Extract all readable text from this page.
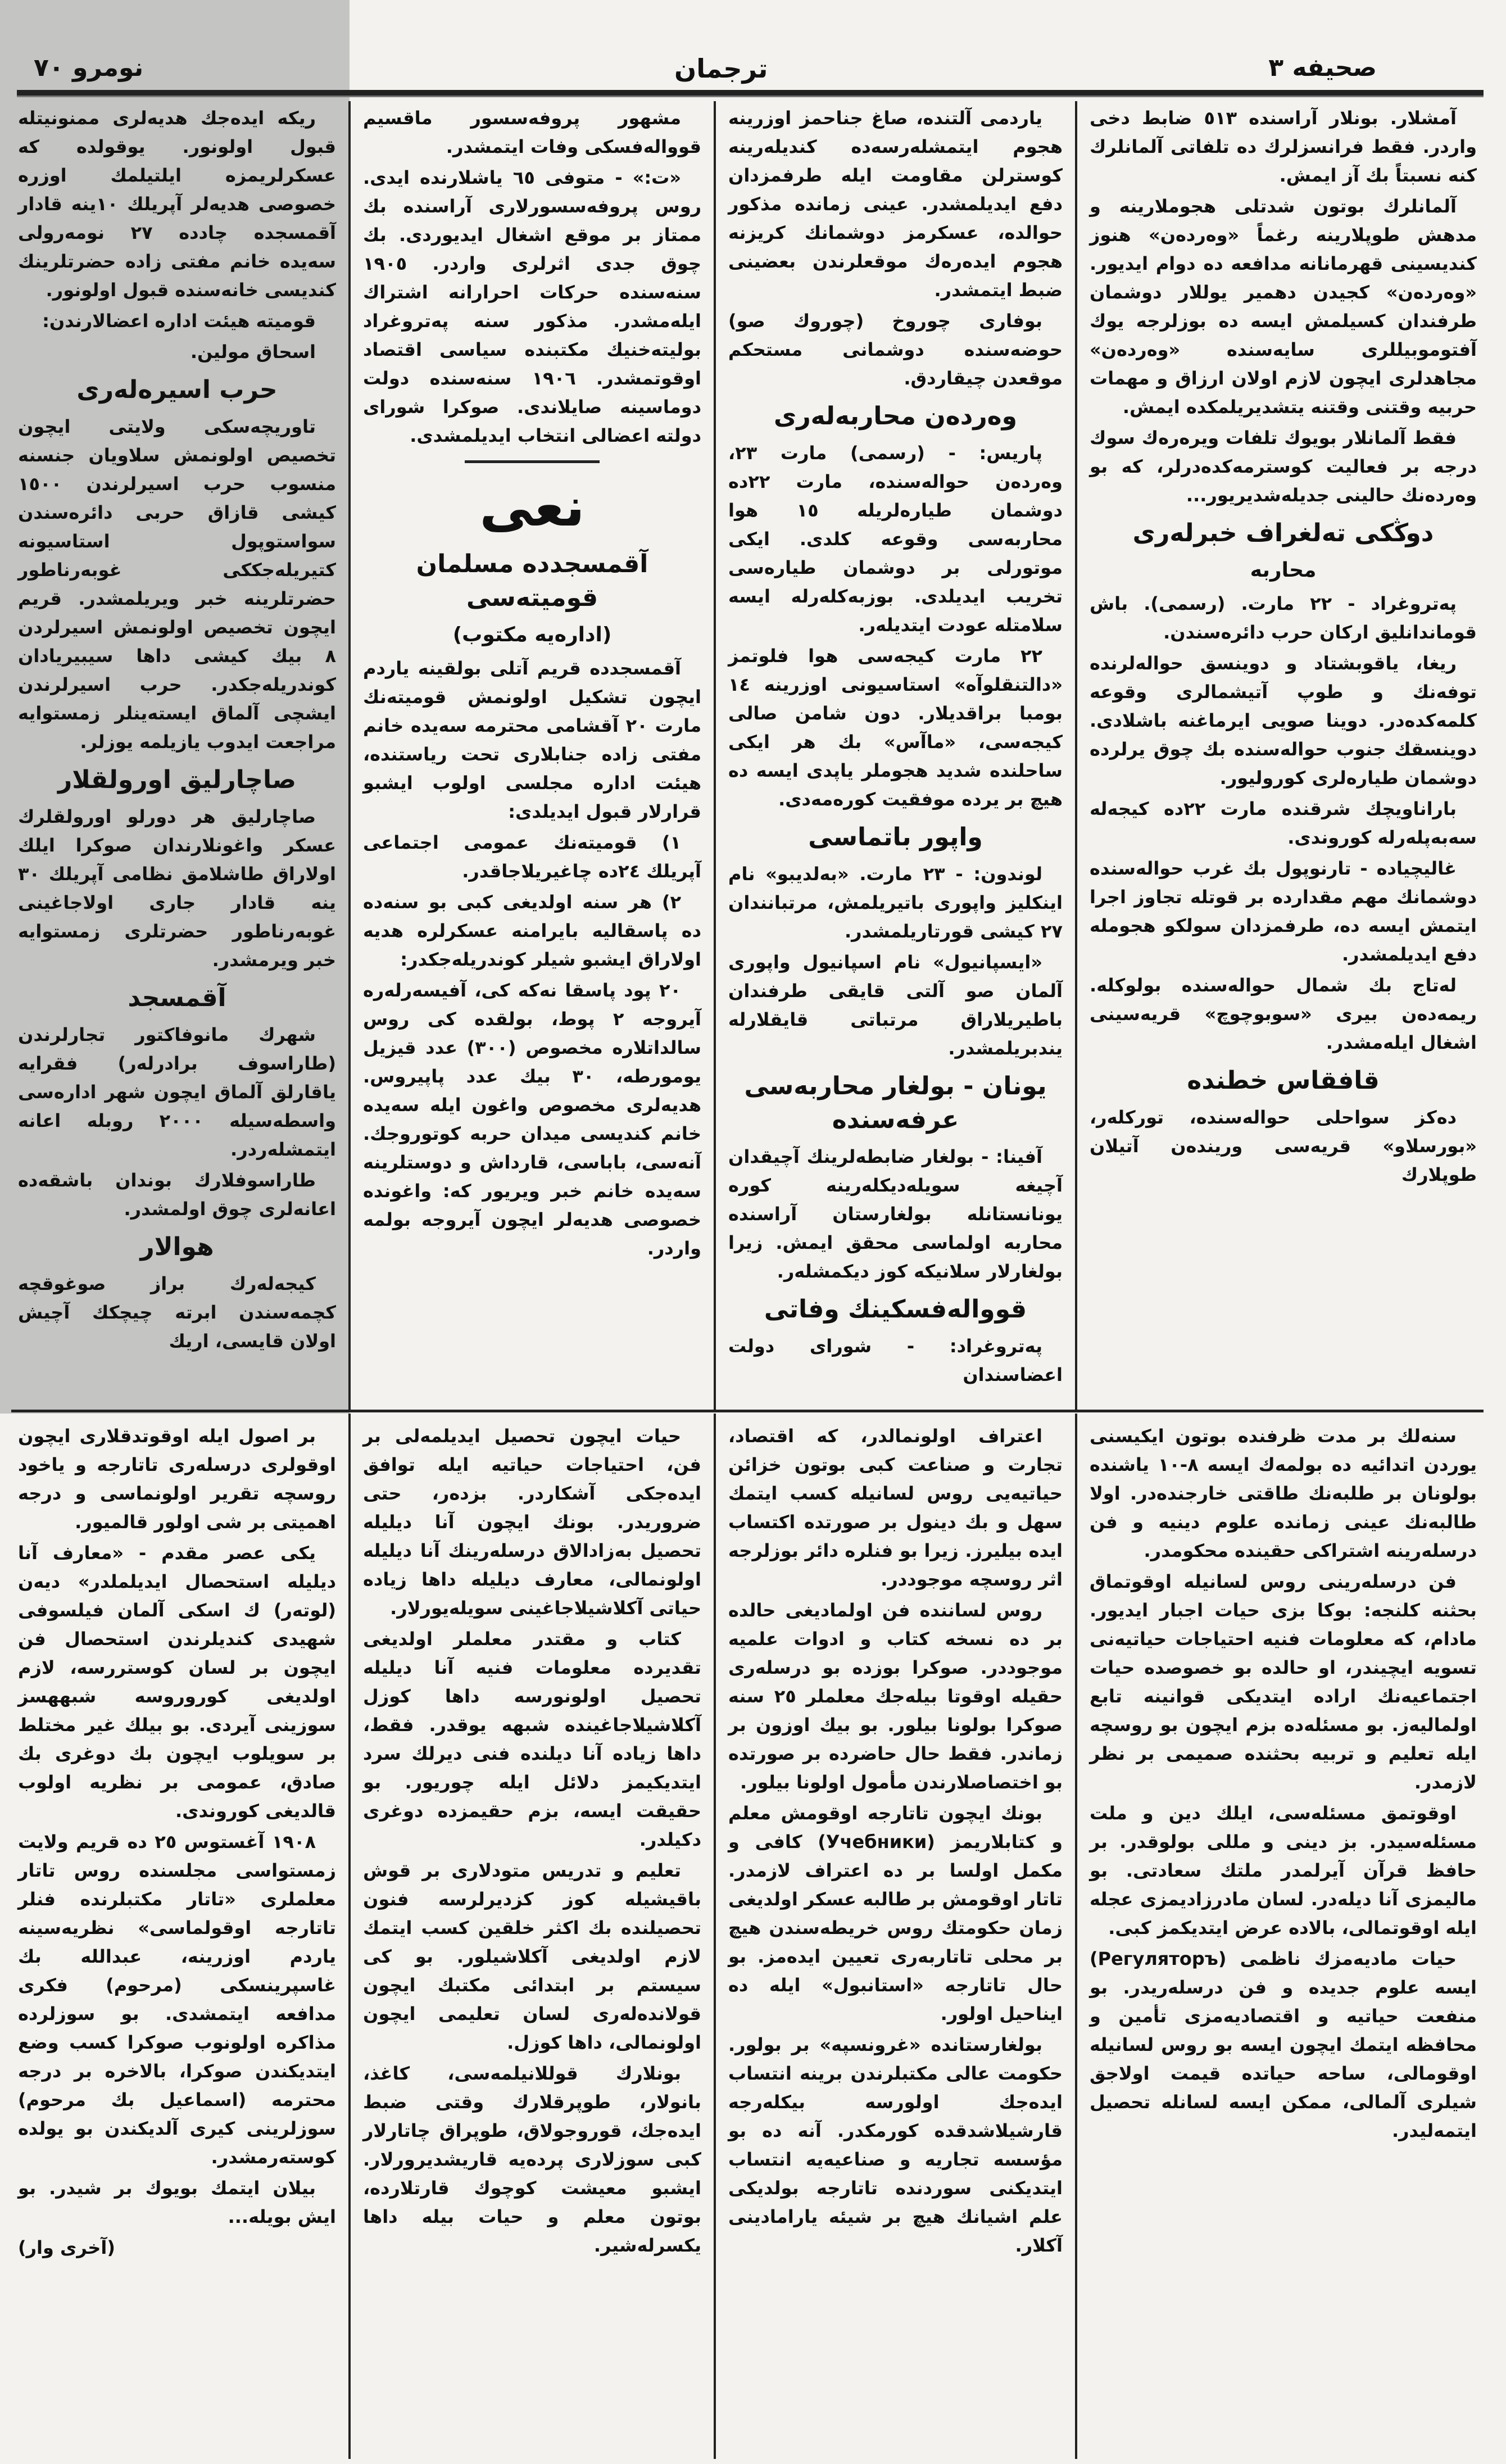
صحيفه ٣
ترجمان
نومرو ٧٠

آمشلار. بونلار آراسنده ٥١٣ ضابط دخى واردر. فقط فرانسزلرك ده تلفاتى آلمانلرك كنه نسبتاً بك آز ايمش.

آلمانلرك بوتون شدتلى هجوملارينه و مدهش طوپلارينه رغماً «وەردەن» هنوز كنديسينى قهرمانانه مدافعه ده دوام ايديور. «وەردەن» كجيدن دهمير يوللار دوشمان طرفندان كسيلمش ايسه ده بوزلرجه يوك آفتوموبيللرى سايەسنده «وەردەن» مجاهدلرى ايچون لازم اولان ارزاق و مهمات حربيه وقتنى وقتنه يتشديريلمكده ايمش.

فقط آلمانلار بويوك تلفات ويرەرەك سوك درجه بر فعاليت كوسترمەكدەدرلر، كه بو وەردەنك حالينى جديلەشديريور...

دوڭكى تەلغراف خبرلەرى
محاربه

پەتروغراد - ٢٢ مارت. (رسمى). باش قوماندانليق اركان حرب دائرەسندن.

ريغا، ياقوبشتاد و دوينسق حوالەلرنده توفەنك و طوپ آتيشمالرى وقوعه كلمەكدەدر. دوينا صويى ايرماغنه باشلادى. دوينسقك جنوب حوالەسنده بك چوق يرلرده دوشمان طيارەلرى كوروليور.

باراناويچك شرقنده مارت ٢٢ده كيجەلە سەبەپلەرله كوروندى.

غاليچياده - تارنوپول بك غرب حوالەسنده دوشمانك مهم مقدارده بر قوتله تجاوز اجرا ايتمش ايسه ده، طرفمزدان سولكو هجومله دفع ايديلمشدر.

لەتاج بك شمال حوالەسنده بولوكلە. ريمەدەن بيرى «سوبوچوچ» قريەسينى اشغال ايلەمشدر.

قافقاس خطنده

دەكز سواحلى حوالەسنده، توركلەر، «بورسلاو» قريەسى وريندەن آتيلان طوپلارك

ياردمى آلتنده، صاغ جناحمز اوزرينه هجوم ايتمشلەرسەده كنديلەرينه كوسترلن مقاومت ايله طرفمزدان دفع ايديلمشدر. عينى زمانده مذكور حوالده، عسكرمز دوشمانك كريزنه هجوم ايدەرەك موقعلرندن بعضينى ضبط ايتمشدر.

بوفارى چوروخ (چوروك صو) حوضەسنده دوشمانى مستحكم موقعدن چيقاردق.

وەردەن محاربەلەرى

پاريس: - (رسمى) مارت ٢٣، وەردەن حوالەسنده، مارت ٢٢ده دوشمان طيارەلريله ١٥ هوا محاربەسى وقوعه كلدى. ايكى موتورلى بر دوشمان طيارەسى تخريب ايديلدى. بوزبەكلەرله ايسه سلامتله عودت ايتديلەر.

٢٢ مارت كيجەسى هوا فلوتمز «دالتنقلوآه» استاسيونى اوزرينه ١٤ بومبا براقديلار. دون شامن صالى كيجەسى، «ماآس» بك هر ايكى ساحلنده شديد هجوملر ياپدى ايسه ده هيچ بر يرده موفقيت كورەمەدى.

واپور باتماسى

لوندون: - ٢٣ مارت. «بەلديبو» نام اينكليز واپورى باتيريلمش، مرتبانندان ٢٧ كيشى قورتاريلمشدر.

«ايسپانيول» نام اسپانيول واپورى آلمان صو آلتى قايقى طرفندان باطيريلاراق مرتباتى قايقلارله يندبريلمشدر.

يونان - بولغار محاربەسى عرفەسندە

آفينا: - بولغار ضابطەلرينك آچيقدان آچيغه سويلەديكلەرينه كوره يونانستانله بولغارستان آراسنده محاربه اولماسى محقق ايمش. زيرا بولغارلار سلانيكه كوز ديكمشلەر.

قووالەفسكينك وفاتى

پەتروغراد: - شوراى دولت اعضاسندان

مشهور پروفەسسور ماقسيم قووالەفسكى وفات ايتمشدر.

«ت:» - متوفى ٦٥ ياشلارنده ايدى. روس پروفەسسورلارى آراسنده بك ممتاز بر موقع اشغال ايديوردى. بك چوق جدى اثرلرى واردر. ١٩٠٥ سنەسنده حركات احرارانه اشتراك ايلەمشدر. مذكور سنه پەتروغراد بوليتەخنيك مكتبنده سياسى اقتصاد اوقوتمشدر. ١٩٠٦ سنەسنده دولت دوماسينه صايلاندى. صوكرا شوراى دولته اعضالى انتخاب ايديلمشدى.

نعى
آقمسجدده مسلمان قوميتەسى
(ادارەيە مكتوب)

آقمسجدده قريم آتلى بولقينه ياردم ايچون تشكيل اولونمش قوميتەنك مارت ٢٠ آقشامى محترمه سەيدە خانم مفتى زاده جنابلارى تحت رياستنده، هيئت ادارە مجلسى اولوب ايشبو قرارلار قبول ايديلدى:

١) قوميتەنك عمومى اجتماعى آپريلك ٢٤ده چاغيريلاجاقدر.

٢) هر سنه اولديغى كبى بو سنەده ده پاسقاليه بايرامنه عسكرلرە هديه اولاراق ايشبو شيلر كوندريلەجكدر:

٢٠ پود پاسقا نەكە كى، آفيسەرلەرە آيروجه ٢ پوط، بولقدە كى روس سالداتلارە مخصوص (٣٠٠) عدد قيزيل يومورطه، ٣٠ بيك عدد پاپيروس. هديەلرى مخصوص واغون ايله سەيدە خانم كنديسى ميدان حربە كوتوروجك. آنەسى، باباسى، قارداش و دوستلرينه سەيدە خانم خبر ويريور كه: واغوندە خصوصى هديەلر ايچون آيروجه بولمه واردر.

ريكه ايدەجك هديەلرى ممنونيتله قبول اولونور. يوقولده كه عسكرلريمزه ايلتيلمك اوزره خصوصى هديەلر آپريلك ١٠ينه قادار آقمسجده چادده ٢٧ نومەرولى سەيدە خانم مفتى زاده حضرتلرينك كنديسى خانەسنده قبول اولونور.

قوميته هيئت ادارە اعضالارندن:

اسحاق مولين.

حرب اسيرەلەرى

تاوريچەسكى ولايتى ايچون تخصيص اولونمش سلاويان جنسنه منسوب حرب اسيرلرندن ١٥٠٠ كيشى قازاق حربى دائرەسندن سواستوپول استاسيونه كتيريلەجككى غوبەرناطور حضرتلرينه خبر ويريلمشدر. قريم ايچون تخصيص اولونمش اسيرلردن ٨ بيك كيشى داها سيبيريادان كوندريلەجكدر. حرب اسيرلرندن ايشچى آلماق ايستەينلر زمستوايه مراجعت ايدوب يازيلمه يوزلر.

صاچارليق اورولقلار

صاچارليق هر دورلو اورولقلرك عسكر واغونلارندان صوكرا ايلك اولاراق طاشلامق نظامى آپريلك ٣٠ ينه قادار جارى اولاجاغينى غوبەرناطور حضرتلرى زمستوايه خبر ويرمشدر.

آقمسجد

شهرك مانوفاكتور تجارلرندن (طاراسوف برادرلەر) فقرايه ياقارلق آلماق ايچون شهر ادارەسى واسطەسيله ٢٠٠٠ روبله اعانه ايتمشلەردر.

طاراسوفلارك بوندان باشقەده اعانەلرى چوق اولمشدر.

هوالار

كيجەلەرك براز صوغوقچه كچمەسندن ابرتە چيچكك آچيش اولان قايسى، اريك

سنەلك بر مدت ظرفنده بوتون ايكيسنى يوردن اتدائيه ده بولمەك ايسه ٨-١٠ ياشنده بولونان بر طلبەنك طاقتى خارجندەدر. اولا طالبەنك عينى زمانده علوم دينيه و فن درسلەرينه اشتراكى حقينده محكومدر.

فن درسلەرينى روس لسانيله اوقوتماق بحثنه كلنجه: بوكا بزى حيات اجبار ايديور. مادام، كه معلومات فنيه احتياجات حياتيەنى تسويه ايچيندر، او حالده بو خصوصده حيات اجتماعيەنك اراده ايتديكى قوانينه تابع اولماليەز. بو مسئلەده بزم ايچون بو روسچه ايله تعليم و تربيه بحثنده صميمى بر نظر لازمدر.

اوقوتمق مسئلەسى، ايلك دين و ملت مسئلەسيدر. بز دينى و مللى بولوقدر. بر حافظ قرآن آيرلمدر ملتك سعادتى. بو ماليمزى آنا ديلەدر. لسان مادرزاديمزى عجله ايله اوقوتمالى، بالاده عرض ايتديكمز كبى.

حيات ماديەمزك ناظمى (Регуляторъ) ايسه علوم جديده و فن درسلەريدر. بو منفعت حياتيه و اقتصاديەمزى تأمين و محافظه ايتمك ايچون ايسه بو روس لسانيله اوقومالى، ساحه حياتده قيمت اولاجق شيلرى آلمالى، ممكن ايسه لسانله تحصيل ايتمەليدر.

اعتراف اولونمالدر، كه اقتصاد، تجارت و صناعت كبى بوتون خزائن حياتيەيى روس لسانيله كسب ايتمك سهل و بك دينول بر صورتده اكتساب ايده بيليرز. زيرا بو فنلره دائر بوزلرجه اثر روسچه موجوددر.

روس لسانندە فن اولماديغى حالده بر ده نسخه كتاب و ادوات علميه موجوددر. صوكرا بوزده بو درسلەرى حقيله اوقوتا بيلەجك معلملر ٢٥ سنه صوكرا بولونا بيلور. بو بيك اوزون بر زماندر. فقط حال حاضرده بر صورتده بو اختصاصلارندن مأمول اولونا بيلور.

بونك ايچون تاتارجه اوقومش معلم و كتابلاريمز (Учебники) كافى و مكمل اولسا بر ده اعتراف لازمدر. تاتار اوقومش بر طالبه عسكر اولديغى زمان حكومتك روس خريطەسندن هيچ بر محلى تاتاربەرى تعيين ايدەمز. بو حال تاتارجه «استانبول» ايله ده ايناحيل اولور.

بولغارستانده «غرونسپه» بر بولور. حكومت عالى مكتبلرندن برينه انتساب ايدەجك اولورسه بيكلەرجه قارشيلاشدقده كورمكدر. آنه ده بو مؤسسه تجاريه و صناعيەيه انتساب ايتديكنى سوردنده تاتارجه بولديكى علم اشيانك هيچ بر شيئه يارامادينى آكلار.

حيات ايچون تحصيل ايديلمەلى بر فن، احتياجات حياتيه ايله توافق ايدەجكى آشكاردر. بزدەر، حتى ضروريدر. بونك ايچون آنا ديليله تحصيل بەزادالاق درسلەرينك آنا ديليله اولونمالى، معارف ديليله داها زياده حياتى آكلاشيلاجاغينى سويلەيورلار.

كتاب و مقتدر معلملر اولديغى تقديرده معلومات فنيه آنا ديليله تحصيل اولونورسه داها كوزل آكلاشيلاجاغينده شبهه يوقدر. فقط، داها زياده آنا ديلنده فنى ديرلك سرد ايتديكيمز دلائل ايله چوريور. بو حقيقت ايسه، بزم حقيمزده دوغرى دكيلدر.

تعليم و تدريس متودلارى بر قوش باقيشيله كوز كزديرلرسه فنون تحصيلنده بك اكثر خلقين كسب ايتمك لازم اولديغى آكلاشيلور. بو كى سيستم بر ابتدائى مكتبك ايچون قولاندەلەرى لسان تعليمى ايچون اولونمالى، داها كوزل.

بونلارك قوللانيلمەسى، كاغذ، بانولار، طوپرقلارك وقتى ضبط ايدەجك، قوروجولاق، طوپراق چاتارلار كبى سوزلارى پردەيه قاريشديرورلار. ايشبو معيشت كوچوك قارتلارده، بوتون معلم و حيات بيله داها يكسرلەشير.

بر اصول ايله اوقوتدقلارى ايچون اوقولرى درسلەرى تاتارجه و ياخود روسچه تقرير اولونماسى و درجه اهميتى بر شى اولور قالميور.

يكى عصر مقدم - «معارف آنا ديليله استحصال ايديلملدر» ديەن (لوتەر) ك اسكى آلمان فيلسوفى شهيدى كنديلرندن استحصال فن ايچون بر لسان كوستررسه، لازم اولديغى كوروروسه شبههسز سوزينى آيردى. بو بيلك غير مختلط بر سويلوب ايچون بك دوغرى بك صادق، عمومى بر نظريه اولوب قالديغى كوروندى.

١٩٠٨ آغستوس ٢٥ ده قريم ولايت زمستواسى مجلسنده روس تاتار معلملرى «تاتار مكتبلرنده فنلر تاتارجه اوقولماسى» نظريەسينه ياردم اوزرينه، عبدالله بك غاسپرينسكى (مرحوم) فكرى مدافعه ايتمشدى. بو سوزلرده مذاكره اولونوب صوكرا كسب وضع ايتديكندن صوكرا، بالاخره بر درجه محترمه (اسماعيل بك مرحوم) سوزلرينى كيرى آلديكندن بو يولده كوستەرمشدر.

بيلان ايتمك بويوك بر شيدر. بو ايش بويله...

(آخرى وار)
